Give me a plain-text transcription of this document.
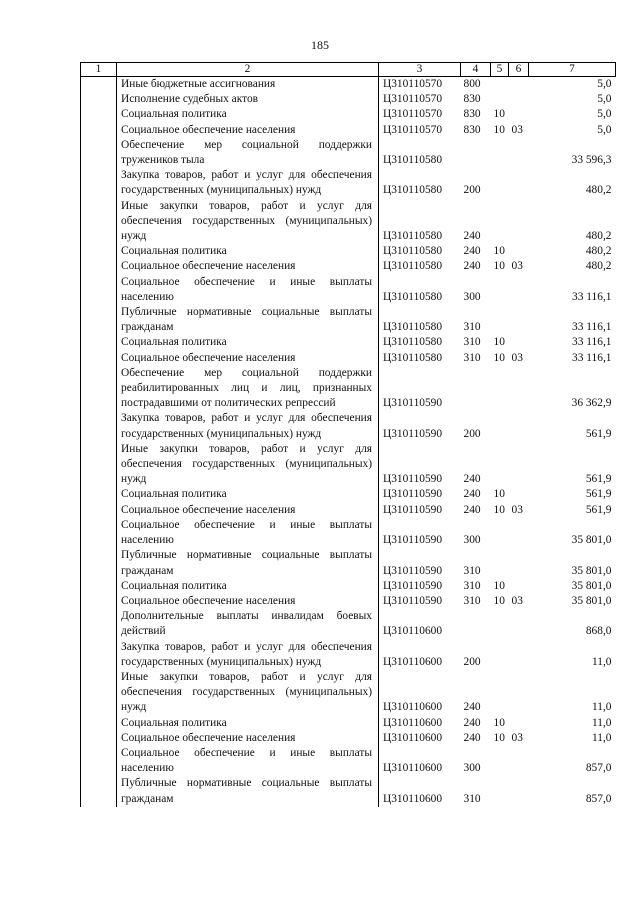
185
1	2	3	4	5	6	7
	Иные бюджетные ассигнования	Ц310110570	800			5,0
	Исполнение судебных актов	Ц310110570	830			5,0
	Социальная политика	Ц310110570	830	10		5,0
	Социальное обеспечение населения	Ц310110570	830	10	03	5,0
	Обеспечение мер социальной поддержки тружеников тыла	Ц310110580				33 596,3
	Закупка товаров, работ и услуг для обеспечения государственных (муниципальных) нужд	Ц310110580	200			480,2
	Иные закупки товаров, работ и услуг для обеспечения государственных (муниципальных) нужд	Ц310110580	240			480,2
	Социальная политика	Ц310110580	240	10		480,2
	Социальное обеспечение населения	Ц310110580	240	10	03	480,2
	Социальное обеспечение и иные выплаты населению	Ц310110580	300			33 116,1
	Публичные нормативные социальные выплаты гражданам	Ц310110580	310			33 116,1
	Социальная политика	Ц310110580	310	10		33 116,1
	Социальное обеспечение населения	Ц310110580	310	10	03	33 116,1
	Обеспечение мер социальной поддержки реабилитированных лиц и лиц, признанных пострадавшими от политических репрессий	Ц310110590				36 362,9
	Закупка товаров, работ и услуг для обеспечения государственных (муниципальных) нужд	Ц310110590	200			561,9
	Иные закупки товаров, работ и услуг для обеспечения государственных (муниципальных) нужд	Ц310110590	240			561,9
	Социальная политика	Ц310110590	240	10		561,9
	Социальное обеспечение населения	Ц310110590	240	10	03	561,9
	Социальное обеспечение и иные выплаты населению	Ц310110590	300			35 801,0
	Публичные нормативные социальные выплаты гражданам	Ц310110590	310			35 801,0
	Социальная политика	Ц310110590	310	10		35 801,0
	Социальное обеспечение населения	Ц310110590	310	10	03	35 801,0
	Дополнительные выплаты инвалидам боевых действий	Ц310110600				868,0
	Закупка товаров, работ и услуг для обеспечения государственных (муниципальных) нужд	Ц310110600	200			11,0
	Иные закупки товаров, работ и услуг для обеспечения государственных (муниципальных) нужд	Ц310110600	240			11,0
	Социальная политика	Ц310110600	240	10		11,0
	Социальное обеспечение населения	Ц310110600	240	10	03	11,0
	Социальное обеспечение и иные выплаты населению	Ц310110600	300			857,0
	Публичные нормативные социальные выплаты гражданам	Ц310110600	310			857,0
